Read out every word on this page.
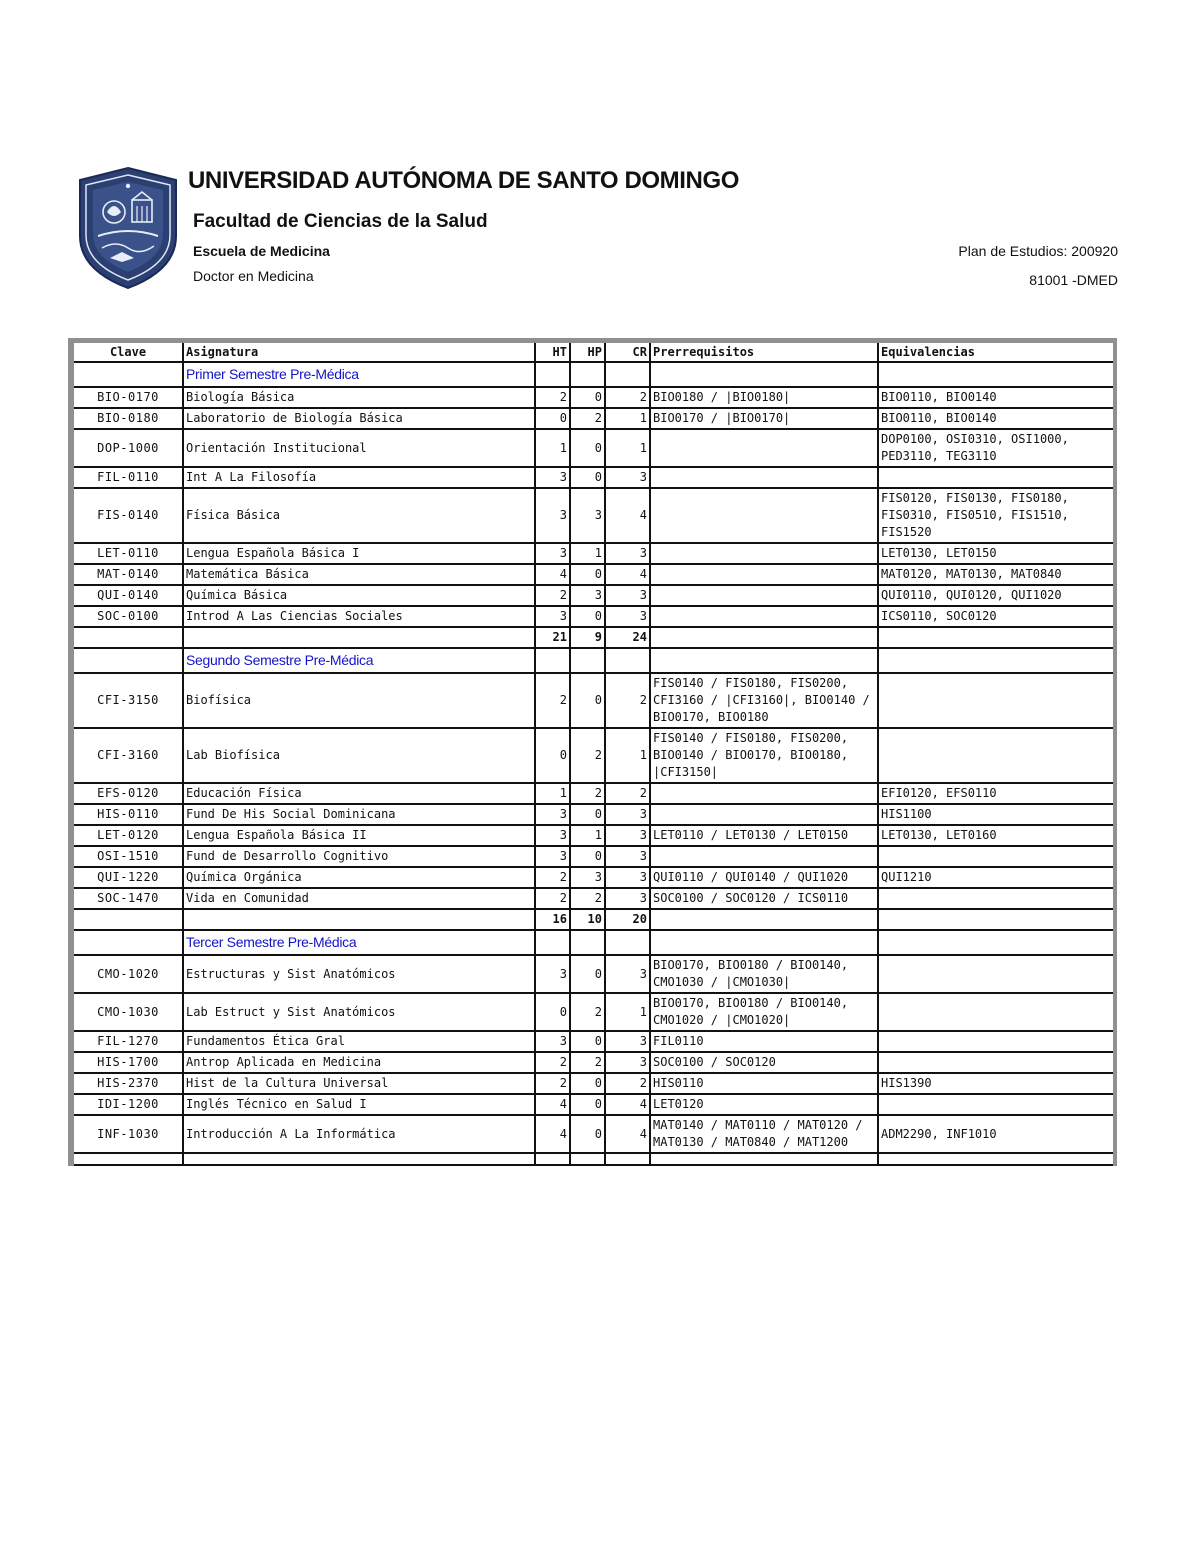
UNIVERSIDAD AUTÓNOMA DE SANTO DOMINGO
Facultad de Ciencias de la Salud
Escuela de Medicina
Doctor en Medicina
Plan de Estudios: 200920
81001 -DMED
Clave	Asignatura	HT	HP	CR	Prerrequisitos	Equivalencias
	Primer Semestre Pre-Médica					
BIO-0170	Biología Básica	2	0	2	BIO0180 / |BIO0180|	BIO0110, BIO0140
BIO-0180	Laboratorio de Biología Básica	0	2	1	BIO0170 / |BIO0170|	BIO0110, BIO0140
DOP-1000	Orientación Institucional	1	0	1		DOP0100, OSI0310, OSI1000, PED3110, TEG3110
FIL-0110	Int A La Filosofía	3	0	3		
FIS-0140	Física Básica	3	3	4		FIS0120, FIS0130, FIS0180, FIS0310, FIS0510, FIS1510, FIS1520
LET-0110	Lengua Española Básica I	3	1	3		LET0130, LET0150
MAT-0140	Matemática Básica	4	0	4		MAT0120, MAT0130, MAT0840
QUI-0140	Química Básica	2	3	3		QUI0110, QUI0120, QUI1020
SOC-0100	Introd A Las Ciencias Sociales	3	0	3		ICS0110, SOC0120
		21	9	24		
	Segundo Semestre Pre-Médica					
CFI-3150	Biofísica	2	0	2	FIS0140 / FIS0180, FIS0200, CFI3160 / |CFI3160|, BIO0140 / BIO0170, BIO0180	
CFI-3160	Lab Biofísica	0	2	1	FIS0140 / FIS0180, FIS0200, BIO0140 / BIO0170, BIO0180, |CFI3150|	
EFS-0120	Educación Física	1	2	2		EFI0120, EFS0110
HIS-0110	Fund De His Social Dominicana	3	0	3		HIS1100
LET-0120	Lengua Española Básica II	3	1	3	LET0110 / LET0130 / LET0150	LET0130, LET0160
OSI-1510	Fund de Desarrollo Cognitivo	3	0	3		
QUI-1220	Química Orgánica	2	3	3	QUI0110 / QUI0140 / QUI1020	QUI1210
SOC-1470	Vida en Comunidad	2	2	3	SOC0100 / SOC0120 / ICS0110	
		16	10	20		
	Tercer Semestre Pre-Médica					
CMO-1020	Estructuras y Sist Anatómicos	3	0	3	BIO0170, BIO0180 / BIO0140, CMO1030 / |CMO1030|	
CMO-1030	Lab Estruct y Sist Anatómicos	0	2	1	BIO0170, BIO0180 / BIO0140, CMO1020 / |CMO1020|	
FIL-1270	Fundamentos Ética Gral	3	0	3	FIL0110	
HIS-1700	Antrop Aplicada en Medicina	2	2	3	SOC0100 / SOC0120	
HIS-2370	Hist de la Cultura Universal	2	0	2	HIS0110	HIS1390
IDI-1200	Inglés Técnico en Salud I	4	0	4	LET0120	
INF-1030	Introducción A La Informática	4	0	4	MAT0140 / MAT0110 / MAT0120 / MAT0130 / MAT0840 / MAT1200	ADM2290, INF1010
